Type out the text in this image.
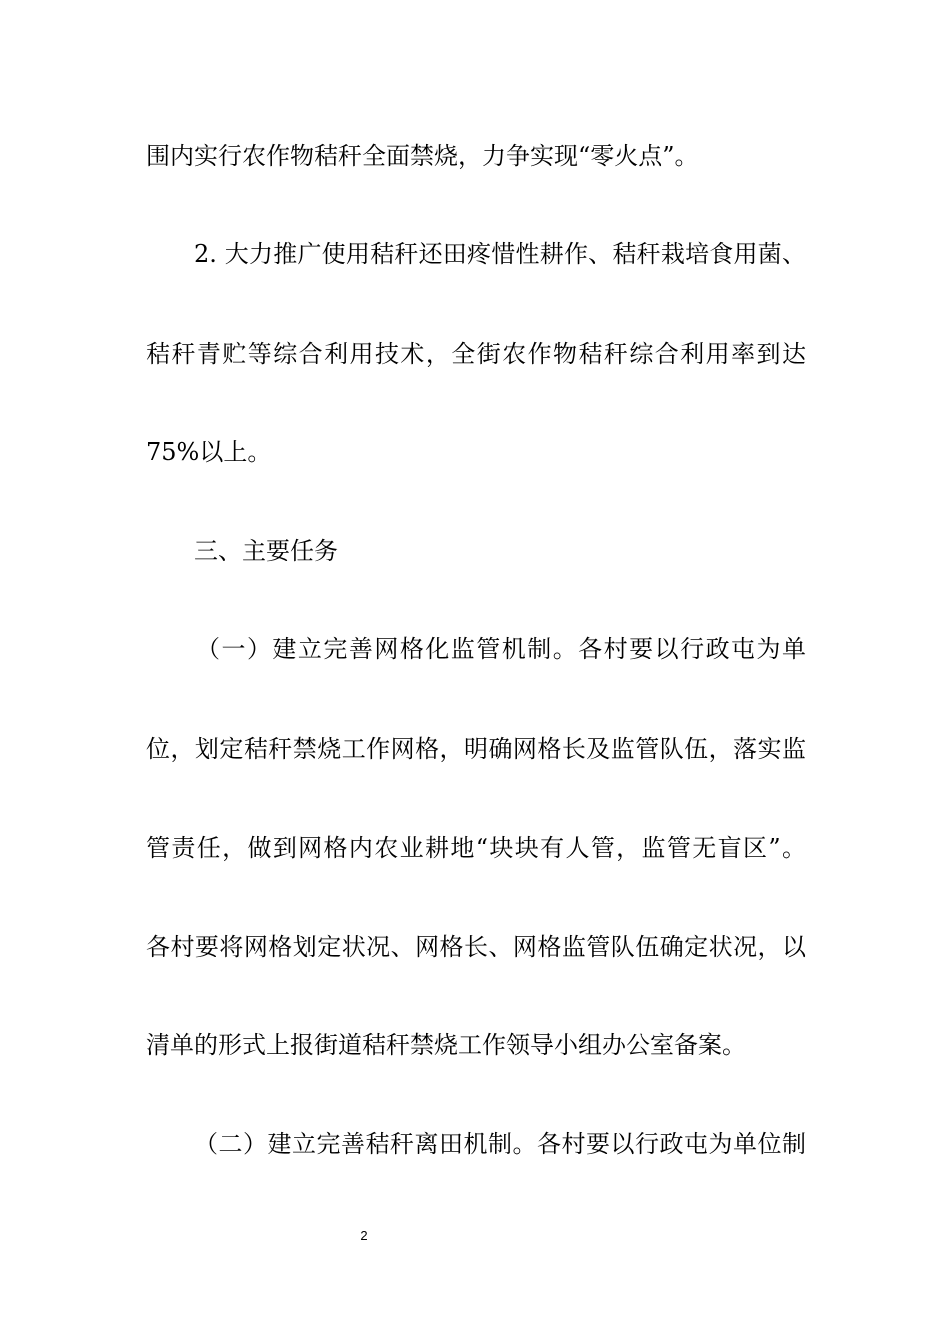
围内实行农作物秸秆全面禁烧，力争实现“零火点”。
2. 大力推广使用秸秆还田疼惜性耕作、秸秆栽培食用菌、
秸秆青贮等综合利用技术，全街农作物秸秆综合利用率到达
75%以上。
三、主要任务
（一）建立完善网格化监管机制。各村要以行政屯为单
位，划定秸秆禁烧工作网格，明确网格长及监管队伍，落实监
管责任，做到网格内农业耕地“块块有人管，监管无盲区”。
各村要将网格划定状况、网格长、网格监管队伍确定状况，以
清单的形式上报街道秸秆禁烧工作领导小组办公室备案。
（二）建立完善秸秆离田机制。各村要以行政屯为单位制
2
